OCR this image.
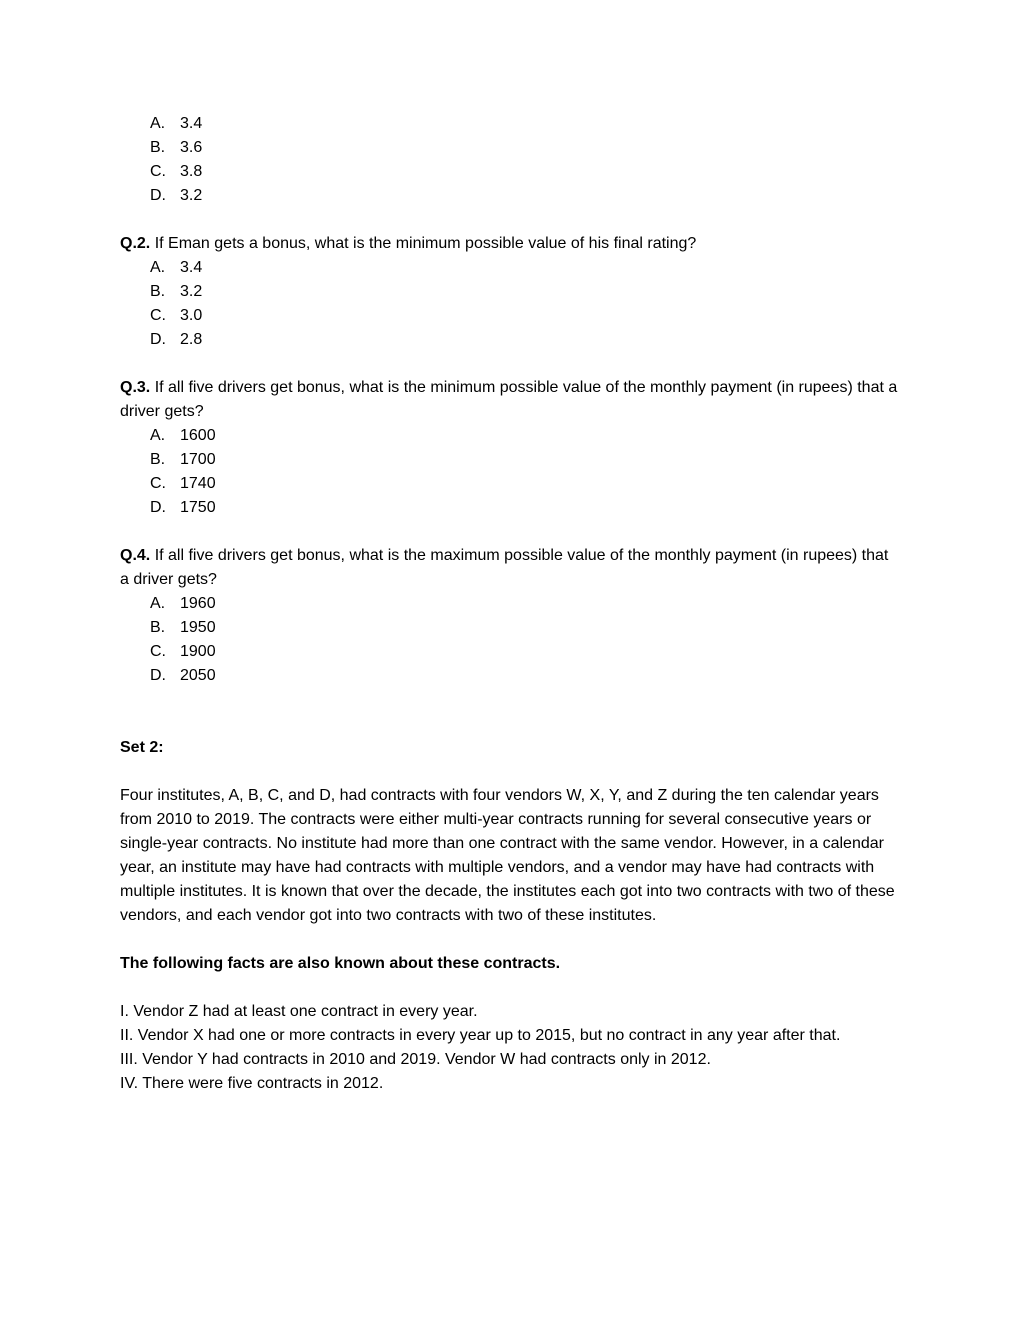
A. 3.4
B. 3.6
C. 3.8
D. 3.2

Q.2. If Eman gets a bonus, what is the minimum possible value of his final rating?

A. 3.4
B. 3.2
C. 3.0
D. 2.8

Q.3. If all five drivers get bonus, what is the minimum possible value of the monthly payment (in rupees) that a driver gets?

A. 1600
B. 1700
C. 1740
D. 1750

Q.4. If all five drivers get bonus, what is the maximum possible value of the monthly payment (in rupees) that a driver gets?

A. 1960
B. 1950
C. 1900
D. 2050
Set 2:
Four institutes, A, B, C, and D, had contracts with four vendors W, X, Y, and Z during the ten calendar years from 2010 to 2019. The contracts were either multi-year contracts running for several consecutive years or single-year contracts. No institute had more than one contract with the same vendor. However, in a calendar year, an institute may have had contracts with multiple vendors, and a vendor may have had contracts with multiple institutes. It is known that over the decade, the institutes each got into two contracts with two of these vendors, and each vendor got into two contracts with two of these institutes.
The following facts are also known about these contracts.
I. Vendor Z had at least one contract in every year.
II. Vendor X had one or more contracts in every year up to 2015, but no contract in any year after that.
III. Vendor Y had contracts in 2010 and 2019. Vendor W had contracts only in 2012.
IV. There were five contracts in 2012.
